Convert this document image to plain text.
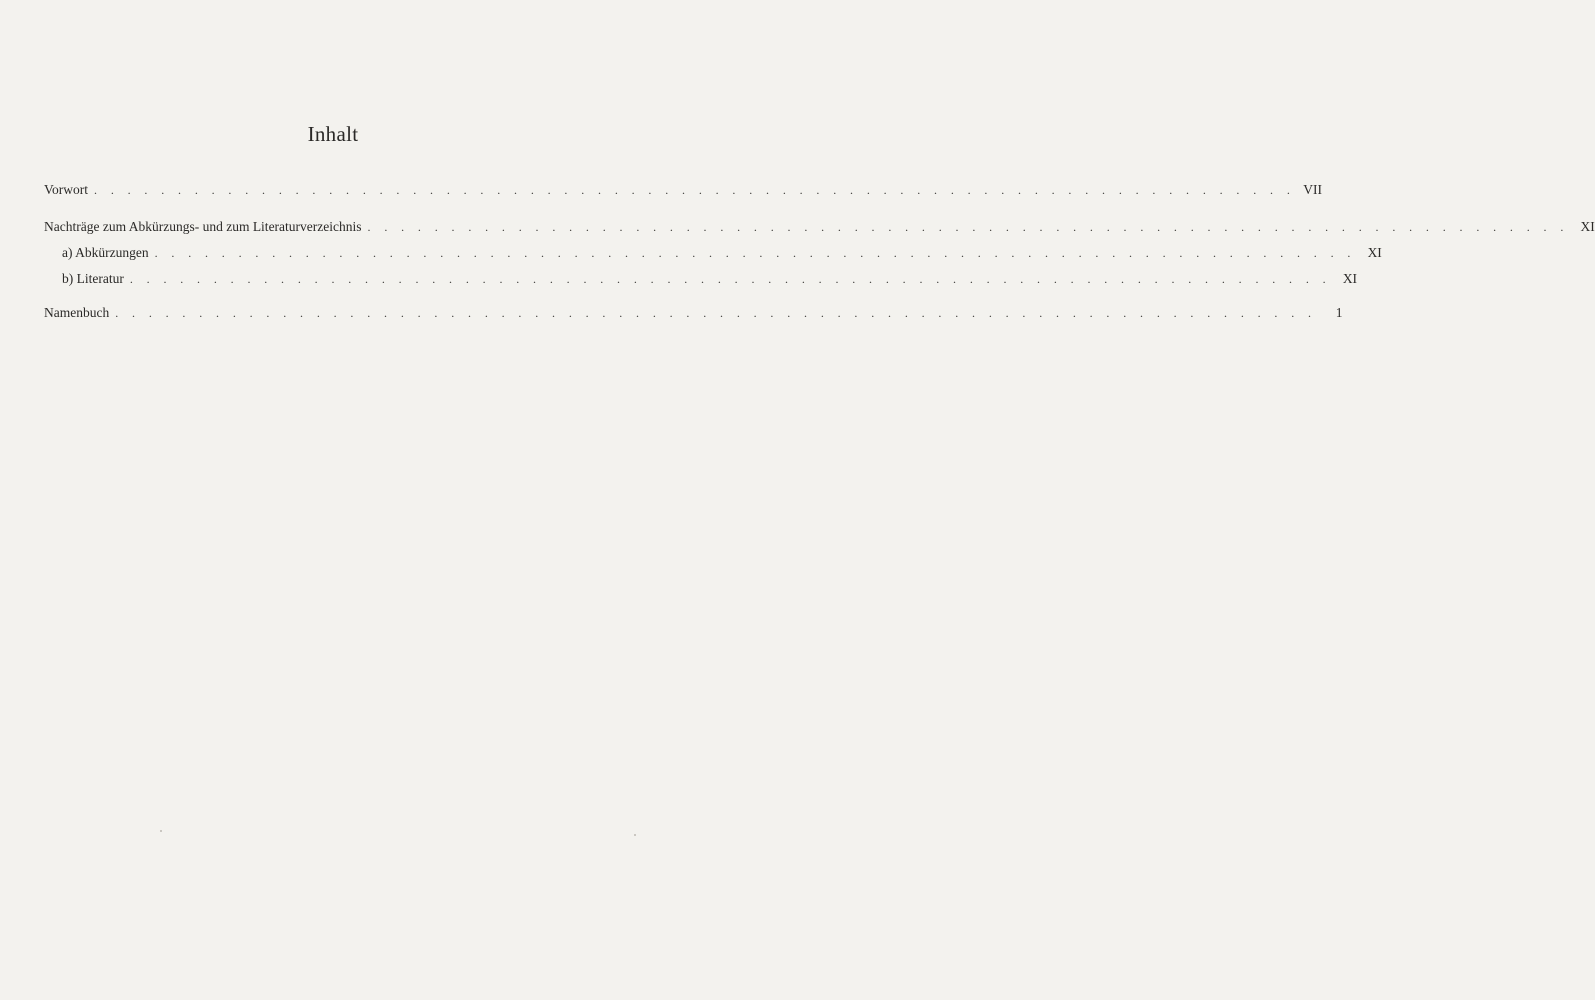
Inhalt
Vorwort . . . . . . . . . . . . . . . . . . . . . . . . . . . . . . . . . . . . . . . . . . . . . . . . . . . . . . . . . . . . . . . . . . . . . . . . VII
Nachträge zum Abkürzungs- und zum Literaturverzeichnis . . . . . . . . . . . . . . . . . . . . . . . . . . . . . . . . . . . . . . . . . . . . . . . . . . . . . . . . . . . . . . . . . . . . . . . . XI
a) Abkürzungen . . . . . . . . . . . . . . . . . . . . . . . . . . . . . . . . . . . . . . . . . . . . . . . . . . . . . . . . . . . . . . . . . . . . . . . . XI
b) Literatur . . . . . . . . . . . . . . . . . . . . . . . . . . . . . . . . . . . . . . . . . . . . . . . . . . . . . . . . . . . . . . . . . . . . . . . . XI
Namenbuch . . . . . . . . . . . . . . . . . . . . . . . . . . . . . . . . . . . . . . . . . . . . . . . . . . . . . . . . . . . . . . . . . . . . . . . .	1
